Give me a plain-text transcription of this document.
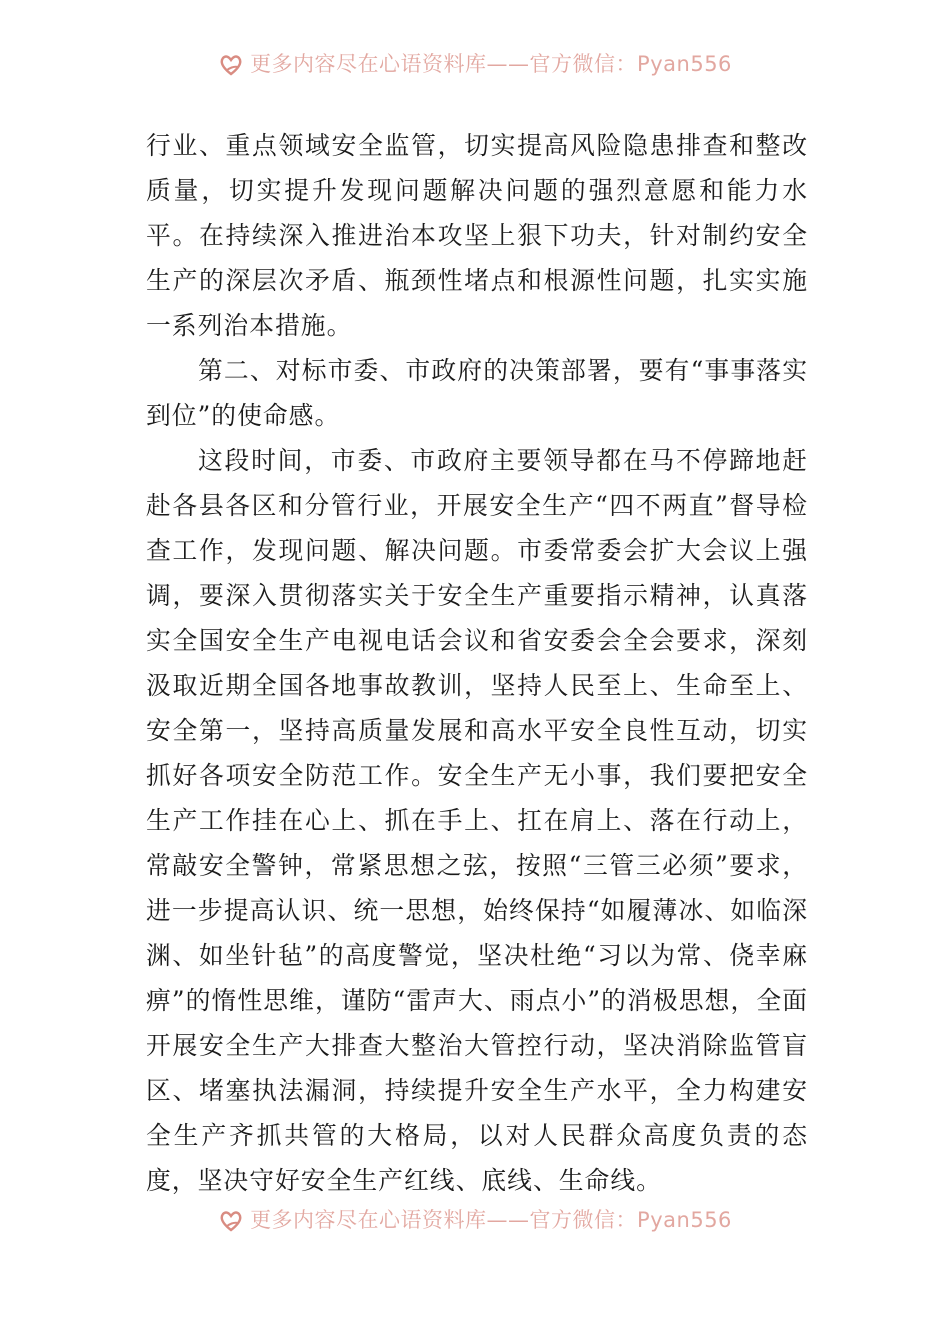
更多内容尽在心语资料库——官方微信：Pyan556

行业、重点领域安全监管，切实提高风险隐患排查和整改质量，切实提升发现问题解决问题的强烈意愿和能力水平。在持续深入推进治本攻坚上狠下功夫，针对制约安全生产的深层次矛盾、瓶颈性堵点和根源性问题，扎实实施一系列治本措施。

第二、对标市委、市政府的决策部署，要有“事事落实到位”的使命感。

这段时间，市委、市政府主要领导都在马不停蹄地赶赴各县各区和分管行业，开展安全生产“四不两直”督导检查工作，发现问题、解决问题。市委常委会扩大会议上强调，要深入贯彻落实关于安全生产重要指示精神，认真落实全国安全生产电视电话会议和省安委会全会要求，深刻汲取近期全国各地事故教训，坚持人民至上、生命至上、安全第一，坚持高质量发展和高水平安全良性互动，切实抓好各项安全防范工作。安全生产无小事，我们要把安全生产工作挂在心上、抓在手上、扛在肩上、落在行动上，常敲安全警钟，常紧思想之弦，按照“三管三必须”要求，进一步提高认识、统一思想，始终保持“如履薄冰、如临深渊、如坐针毡”的高度警觉，坚决杜绝“习以为常、侥幸麻痹”的惰性思维，谨防“雷声大、雨点小”的消极思想，全面开展安全生产大排查大整治大管控行动，坚决消除监管盲区、堵塞执法漏洞，持续提升安全生产水平，全力构建安全生产齐抓共管的大格局，以对人民群众高度负责的态度，坚决守好安全生产红线、底线、生命线。

更多内容尽在心语资料库——官方微信：Pyan556
